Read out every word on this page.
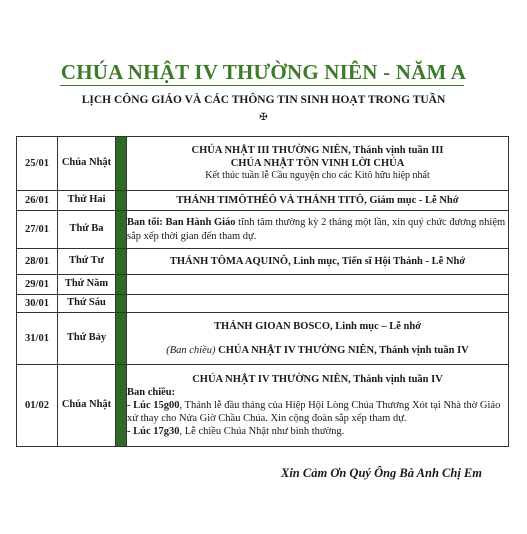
CHÚA NHẬT IV THƯỜNG NIÊN - NĂM A
LỊCH CÔNG GIÁO VÀ CÁC THÔNG TIN SINH HOẠT TRONG TUẦN
✠
25/01	Chúa Nhật		CHÚA NHẬT III THƯỜNG NIÊN, Thánh vịnh tuần III
CHÚA NHẬT TÔN VINH LỜI CHÚA
Kết thúc tuần lễ Cầu nguyện cho các Kitô hữu hiệp nhất

26/01	Thứ Hai		THÁNH TIMÔTHÊÔ VÀ THÁNH TITÔ, Giám mục - Lễ Nhớ
27/01	Thứ Ba		Ban tối: Ban Hành Giáo tĩnh tâm thường kỳ 2 tháng một lần, xin quý chức đương nhiệm sắp xếp thời gian đến tham dự.
28/01	Thứ Tư		THÁNH TÔMA AQUINÔ, Linh mục, Tiến sĩ Hội Thánh - Lễ Nhớ
29/01	Thứ Năm		
30/01	Thứ Sáu		
31/01	Thứ Bảy		THÁNH GIOAN BOSCO, Linh mục – Lễ nhớ
(Ban chiều) CHÚA NHẬT IV THƯỜNG NIÊN, Thánh vịnh tuần IV

01/02	Chúa Nhật		CHÚA NHẬT IV THƯỜNG NIÊN, Thánh vịnh tuần IV
Ban chiều:
- Lúc 15g00, Thánh lễ đầu tháng của Hiệp Hội Lòng Chúa Thương Xót tại Nhà thờ Giáo xứ thay cho Nửa Giờ Chầu Chúa. Xin cộng đoàn sắp xếp tham dự.
- Lúc 17g30, Lễ chiều Chúa Nhật như bình thường.
Xin Cảm Ơn Quý Ông Bà Anh Chị Em
